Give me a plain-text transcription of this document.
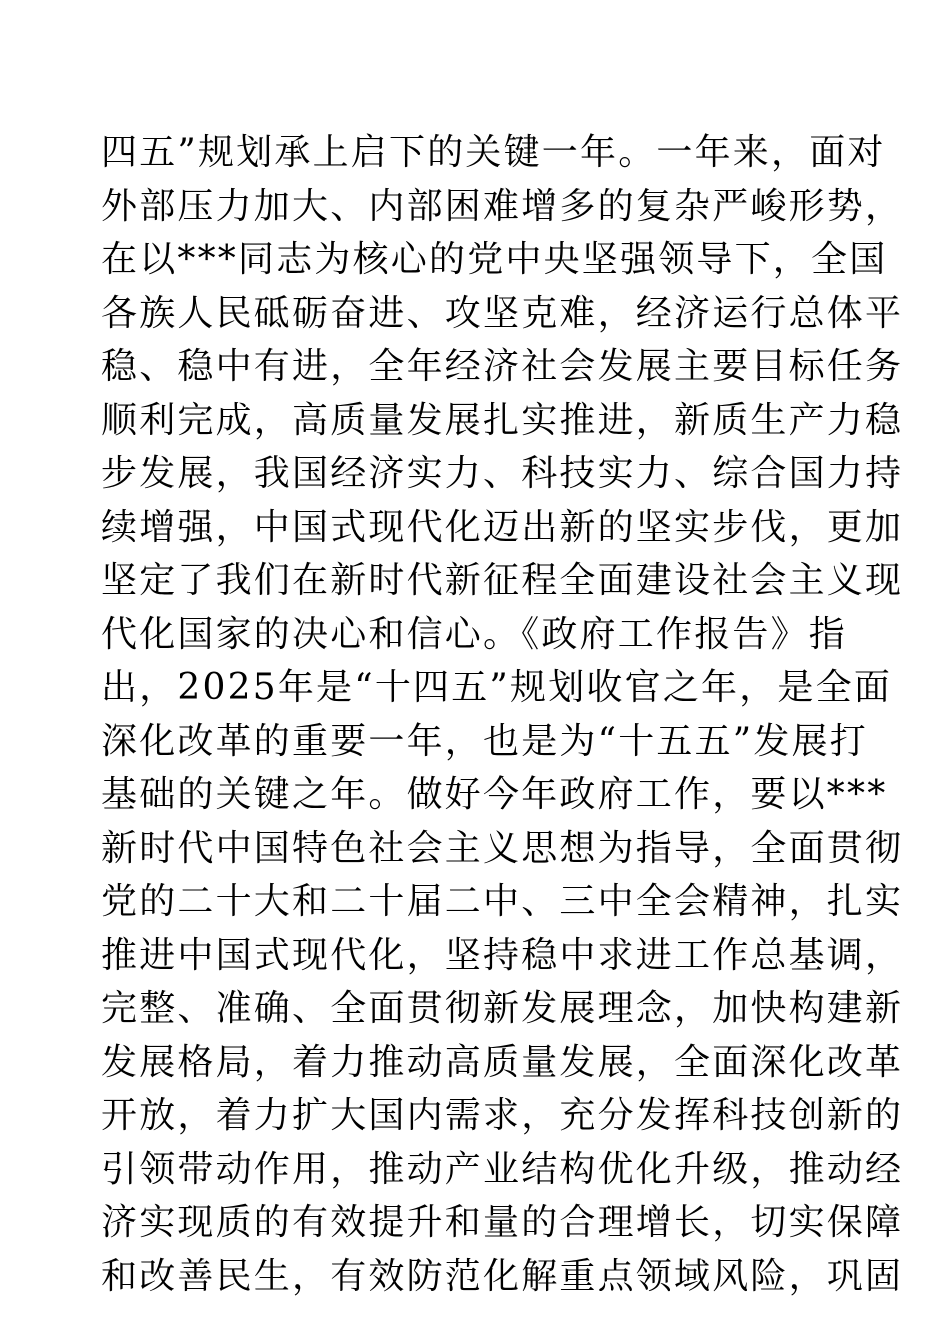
四五”规划承上启下的关键一年。一年来，面对
外部压力加大、内部困难增多的复杂严峻形势，
在以***同志为核心的党中央坚强领导下，全国
各族人民砥砺奋进、攻坚克难，经济运行总体平
稳、稳中有进，全年经济社会发展主要目标任务
顺利完成，高质量发展扎实推进，新质生产力稳
步发展，我国经济实力、科技实力、综合国力持
续增强，中国式现代化迈出新的坚实步伐，更加
坚定了我们在新时代新征程全面建设社会主义现
代化国家的决心和信心。《政府工作报告》指
出，2025年是“十四五”规划收官之年，是全面
深化改革的重要一年，也是为“十五五”发展打
基础的关键之年。做好今年政府工作，要以***
新时代中国特色社会主义思想为指导，全面贯彻
党的二十大和二十届二中、三中全会精神，扎实
推进中国式现代化，坚持稳中求进工作总基调，
完整、准确、全面贯彻新发展理念，加快构建新
发展格局，着力推动高质量发展，全面深化改革
开放，着力扩大国内需求，充分发挥科技创新的
引领带动作用，推动产业结构优化升级，推动经
济实现质的有效提升和量的合理增长，切实保障
和改善民生，有效防范化解重点领域风险，巩固
